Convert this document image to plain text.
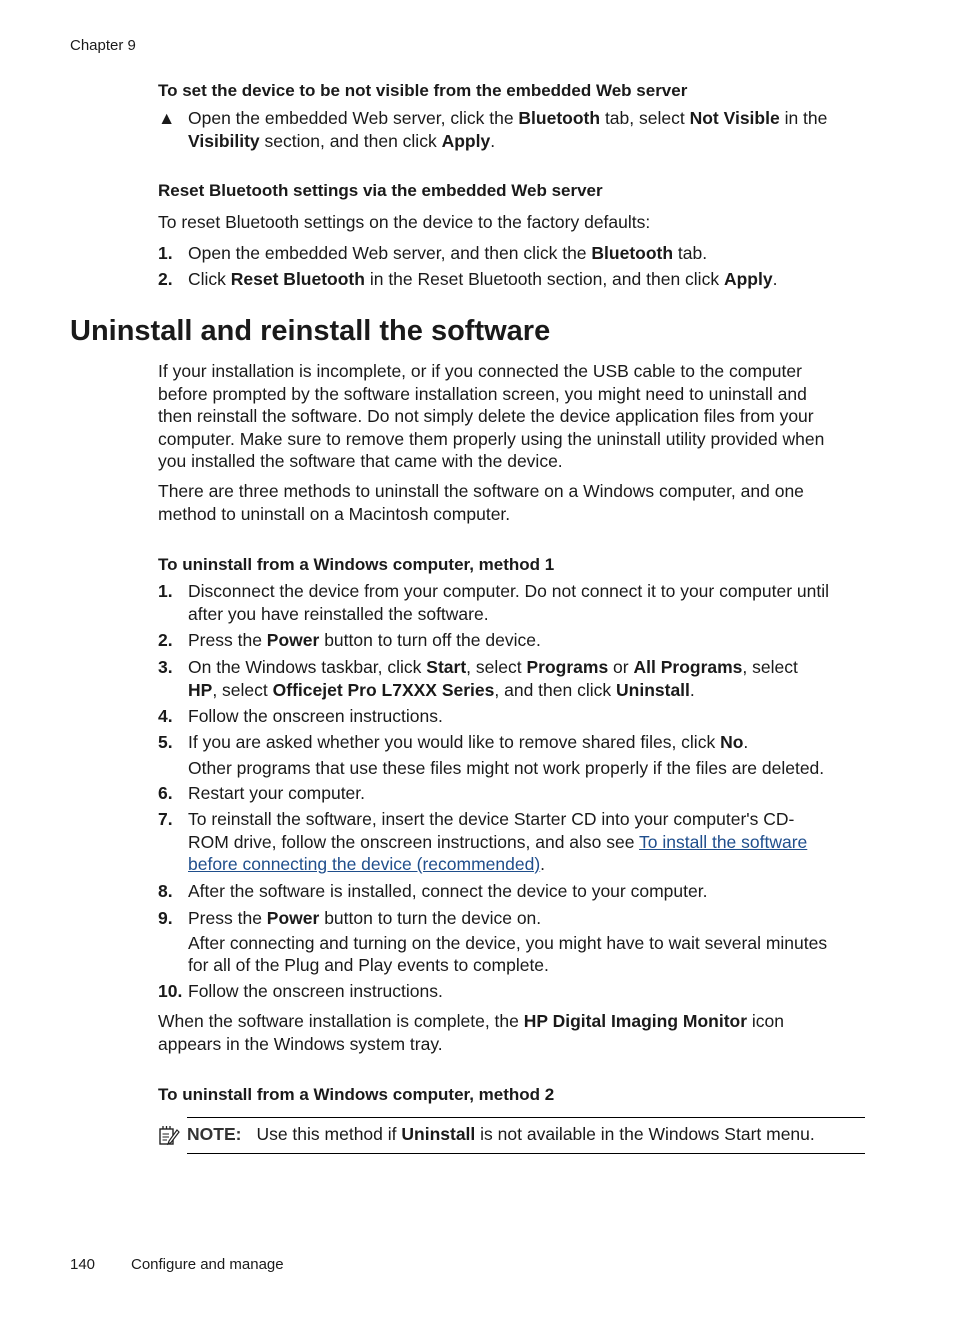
Chapter 9
To set the device to be not visible from the embedded Web server
▲ Open the embedded Web server, click the Bluetooth tab, select Not Visible in the
Visibility section, and then click Apply.
Reset Bluetooth settings via the embedded Web server
To reset Bluetooth settings on the device to the factory defaults:
1. Open the embedded Web server, and then click the Bluetooth tab.
2. Click Reset Bluetooth in the Reset Bluetooth section, and then click Apply.
Uninstall and reinstall the software
If your installation is incomplete, or if you connected the USB cable to the computer
before prompted by the software installation screen, you might need to uninstall and
then reinstall the software. Do not simply delete the device application files from your
computer. Make sure to remove them properly using the uninstall utility provided when
you installed the software that came with the device.
There are three methods to uninstall the software on a Windows computer, and one
method to uninstall on a Macintosh computer.
To uninstall from a Windows computer, method 1
1. Disconnect the device from your computer. Do not connect it to your computer until
after you have reinstalled the software.
2. Press the Power button to turn off the device.
3. On the Windows taskbar, click Start, select Programs or All Programs, select
HP, select Officejet Pro L7XXX Series, and then click Uninstall.
4. Follow the onscreen instructions.
5. If you are asked whether you would like to remove shared files, click No.
Other programs that use these files might not work properly if the files are deleted.
6. Restart your computer.
7. To reinstall the software, insert the device Starter CD into your computer's CD-
ROM drive, follow the onscreen instructions, and also see To install the software
before connecting the device (recommended).
8. After the software is installed, connect the device to your computer.
9. Press the Power button to turn the device on.
After connecting and turning on the device, you might have to wait several minutes
for all of the Plug and Play events to complete.
10. Follow the onscreen instructions.
When the software installation is complete, the HP Digital Imaging Monitor icon
appears in the Windows system tray.
To uninstall from a Windows computer, method 2
NOTE: Use this method if Uninstall is not available in the Windows Start menu.
140 Configure and manage
